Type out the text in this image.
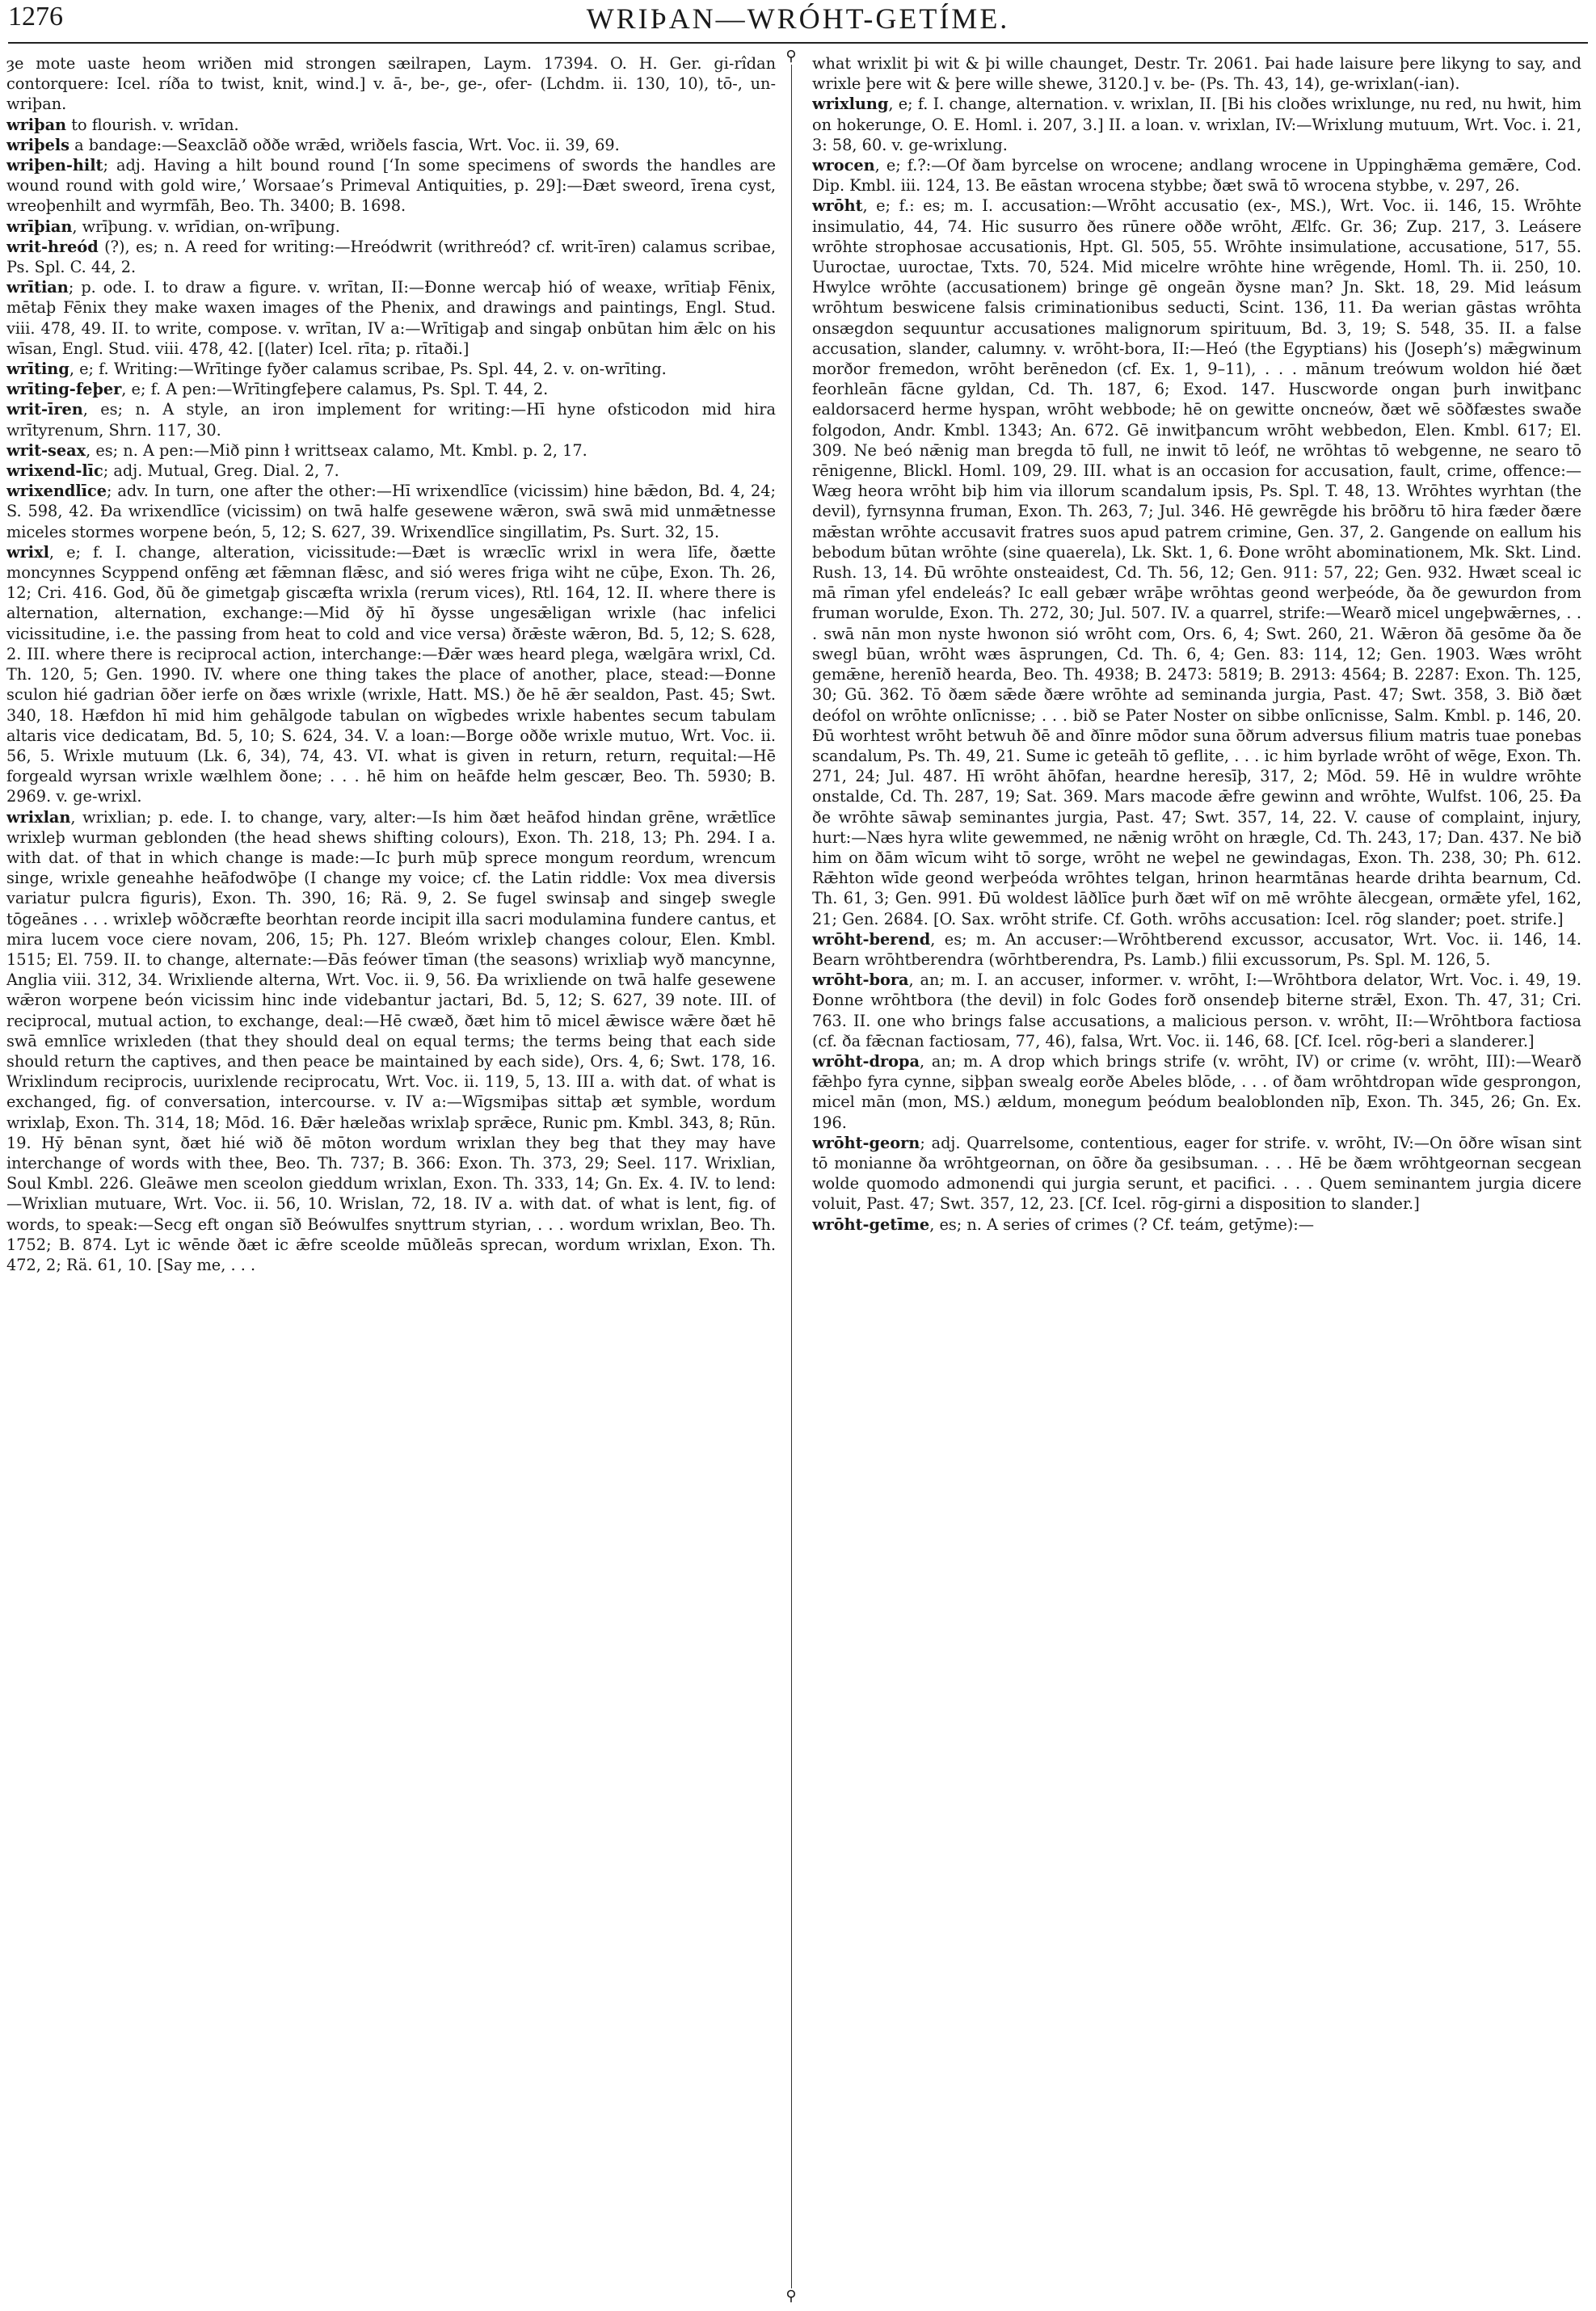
1276	WRIÞAN—WRÓHT-GETÍME.
⚲
⚲

ȝe mote uaste heom wriðen mid strongen sæilrapen, Laym. 17394. O. H. Ger. gi-rîdan contorquere: Icel. ríða to twist, knit, wind.] v. ā-, be-, ge-, ofer- (Lchdm. ii. 130, 10), tō-, un-wriþan.

wriþan to flourish. v. wrīdan.

wriþels a bandage:—Seaxclāð oððe wrǣd, wriðels fascia, Wrt. Voc. ii. 39, 69.

wriþen-hilt; adj. Having a hilt bound round [‘In some specimens of swords the handles are wound round with gold wire,’ Worsaae’s Primeval Antiquities, p. 29]:—Ðæt sweord, īrena cyst, wreoþenhilt and wyrmfāh, Beo. Th. 3400; B. 1698.

wrīþian, wrīþung. v. wrīdian, on-wrīþung.

writ-hreód (?), es; n. A reed for writing:—Hreódwrit (writhreód? cf. writ-īren) calamus scribae, Ps. Spl. C. 44, 2.

wrītian; p. ode. I. to draw a figure. v. wrītan, II:—Ðonne wercaþ hió of weaxe, wrītiaþ Fēnix, mētaþ Fēnix they make waxen images of the Phenix, and drawings and paintings, Engl. Stud. viii. 478, 49. II. to write, compose. v. wrītan, IV a:—Wrītigaþ and singaþ onbūtan him ǣlc on his wīsan, Engl. Stud. viii. 478, 42. [(later) Icel. rīta; p. rītaði.]

wrīting, e; f. Writing:—Wrītinge fyðer calamus scribae, Ps. Spl. 44, 2. v. on-wrīting.

wrīting-feþer, e; f. A pen:—Wrītingfeþere calamus, Ps. Spl. T. 44, 2.

writ-īren, es; n. A style, an iron implement for writing:—Hī hyne ofsticodon mid hira wrītyrenum, Shrn. 117, 30.

writ-seax, es; n. A pen:—Mið pinn ł writtseax calamo, Mt. Kmbl. p. 2, 17.

wrixend-līc; adj. Mutual, Greg. Dial. 2, 7.

wrixendlīce; adv. In turn, one after the other:—Hī wrixendlīce (vicissim) hine bǣdon, Bd. 4, 24; S. 598, 42. Ða wrixendlīce (vicissim) on twā halfe gesewene wǣron, swā swā mid unmǣtnesse miceles stormes worpene beón, 5, 12; S. 627, 39. Wrixendlīce singillatim, Ps. Surt. 32, 15.

wrixl, e; f. I. change, alteration, vicissitude:—Ðæt is wræclīc wrixl in wera līfe, ðætte moncynnes Scyppend onfēng æt fǣmnan flǣsc, and sió weres friga wiht ne cūþe, Exon. Th. 26, 12; Cri. 416. God, ðū ðe gimetgaþ giscæfta wrixla (rerum vices), Rtl. 164, 12. II. where there is alternation, alternation, exchange:—Mid ðȳ hī ðysse ungesǣligan wrixle (hac infelici vicissitudine, i.e. the passing from heat to cold and vice versa) ðrǣste wǣron, Bd. 5, 12; S. 628, 2. III. where there is reciprocal action, interchange:—Ðǣr wæs heard plega, wælgāra wrixl, Cd. Th. 120, 5; Gen. 1990. IV. where one thing takes the place of another, place, stead:—Ðonne sculon hié gadrian ōðer ierfe on ðæs wrixle (wrixle, Hatt. MS.) ðe hē ǣr sealdon, Past. 45; Swt. 340, 18. Hæfdon hī mid him gehālgode tabulan on wīgbedes wrixle habentes secum tabulam altaris vice dedicatam, Bd. 5, 10; S. 624, 34. V. a loan:—Borge oððe wrixle mutuo, Wrt. Voc. ii. 56, 5. Wrixle mutuum (Lk. 6, 34), 74, 43. VI. what is given in return, return, requital:—Hē forgeald wyrsan wrixle wælhlem ðone; . . . hē him on heāfde helm gescær, Beo. Th. 5930; B. 2969. v. ge-wrixl.

wrixlan, wrixlian; p. ede. I. to change, vary, alter:—Is him ðæt heāfod hindan grēne, wrǣtlīce wrixleþ wurman geblonden (the head shews shifting colours), Exon. Th. 218, 13; Ph. 294. I a. with dat. of that in which change is made:—Ic þurh mūþ sprece mongum reordum, wrencum singe, wrixle geneahhe heāfodwōþe (I change my voice; cf. the Latin riddle: Vox mea diversis variatur pulcra figuris), Exon. Th. 390, 16; Rä. 9, 2. Se fugel swinsaþ and singeþ swegle tōgeānes . . . wrixleþ wōðcræfte beorhtan reorde incipit illa sacri modulamina fundere cantus, et mira lucem voce ciere novam, 206, 15; Ph. 127. Bleóm wrixleþ changes colour, Elen. Kmbl. 1515; El. 759. II. to change, alternate:—Ðās feówer tīman (the seasons) wrixliaþ wyð mancynne, Anglia viii. 312, 34. Wrixliende alterna, Wrt. Voc. ii. 9, 56. Ða wrixliende on twā halfe gesewene wǣron worpene beón vicissim hinc inde videbantur jactari, Bd. 5, 12; S. 627, 39 note. III. of reciprocal, mutual action, to exchange, deal:—Hē cwæð, ðæt him tō micel ǣwisce wǣre ðæt hē swā emnlīce wrixleden (that they should deal on equal terms; the terms being that each side should return the captives, and then peace be maintained by each side), Ors. 4, 6; Swt. 178, 16. Wrixlindum reciprocis, uurixlende reciprocatu, Wrt. Voc. ii. 119, 5, 13. III a. with dat. of what is exchanged, fig. of conversation, intercourse. v. IV a:—Wīgsmiþas sittaþ æt symble, wordum wrixlaþ, Exon. Th. 314, 18; Mōd. 16. Ðǣr hæleðas wrixlaþ sprǣce, Runic pm. Kmbl. 343, 8; Rūn. 19. Hȳ bēnan synt, ðæt hié wið ðē mōton wordum wrixlan they beg that they may have interchange of words with thee, Beo. Th. 737; B. 366: Exon. Th. 373, 29; Seel. 117. Wrixlian, Soul Kmbl. 226. Gleāwe men sceolon gieddum wrixlan, Exon. Th. 333, 14; Gn. Ex. 4. IV. to lend:—Wrixlian mutuare, Wrt. Voc. ii. 56, 10. Wrislan, 72, 18. IV a. with dat. of what is lent, fig. of words, to speak:—Secg eft ongan sīð Beówulfes snyttrum styrian, . . . wordum wrixlan, Beo. Th. 1752; B. 874. Lyt ic wēnde ðæt ic ǣfre sceolde mūðleās sprecan, wordum wrixlan, Exon. Th. 472, 2; Rä. 61, 10. [Say me, . . .

what wrixlit þi wit & þi wille chaunget, Destr. Tr. 2061. Þai hade laisure þere likyng to say, and wrixle þere wit & þere wille shewe, 3120.] v. be- (Ps. Th. 43, 14), ge-wrixlan(-ian).

wrixlung, e; f. I. change, alternation. v. wrixlan, II. [Bi his cloðes wrixlunge, nu red, nu hwit, him on hokerunge, O. E. Homl. i. 207, 3.] II. a loan. v. wrixlan, IV:—Wrixlung mutuum, Wrt. Voc. i. 21, 3: 58, 60. v. ge-wrixlung.

wrocen, e; f.?:—Of ðam byrcelse on wrocene; andlang wrocene in Uppinghǣma gemǣre, Cod. Dip. Kmbl. iii. 124, 13. Be eāstan wrocena stybbe; ðæt swā tō wrocena stybbe, v. 297, 26.

wrōht, e; f.: es; m. I. accusation:—Wrōht accusatio (ex-, MS.), Wrt. Voc. ii. 146, 15. Wrōhte insimulatio, 44, 74. Hic susurro ðes rūnere oððe wrōht, Ælfc. Gr. 36; Zup. 217, 3. Leásere wrōhte strophosae accusationis, Hpt. Gl. 505, 55. Wrōhte insimulatione, accusatione, 517, 55. Uuroctae, uuroctae, Txts. 70, 524. Mid micelre wrōhte hine wrēgende, Homl. Th. ii. 250, 10. Hwylce wrōhte (accusationem) bringe gē ongeān ðysne man? Jn. Skt. 18, 29. Mid leásum wrōhtum beswicene falsis criminationibus seducti, Scint. 136, 11. Ða werian gāstas wrōhta onsægdon sequuntur accusationes malignorum spirituum, Bd. 3, 19; S. 548, 35. II. a false accusation, slander, calumny. v. wrōht-bora, II:—Heó (the Egyptians) his (Joseph’s) mǣgwinum morðor fremedon, wrōht berēnedon (cf. Ex. 1, 9–11), . . . mānum treówum woldon hié ðæt feorhleān fācne gyldan, Cd. Th. 187, 6; Exod. 147. Huscworde ongan þurh inwitþanc ealdorsacerd herme hyspan, wrōht webbode; hē on gewitte oncneów, ðæt wē sōðfæstes swaðe folgodon, Andr. Kmbl. 1343; An. 672. Gē inwitþancum wrōht webbedon, Elen. Kmbl. 617; El. 309. Ne beó nǣnig man bregda tō full, ne inwit tō leóf, ne wrōhtas tō webgenne, ne searo tō rēnigenne, Blickl. Homl. 109, 29. III. what is an occasion for accusation, fault, crime, offence:—Wæg heora wrōht biþ him via illorum scandalum ipsis, Ps. Spl. T. 48, 13. Wrōhtes wyrhtan (the devil), fyrnsynna fruman, Exon. Th. 263, 7; Jul. 346. Hē gewrēgde his brōðru tō hira fæder ðære mǣstan wrōhte accusavit fratres suos apud patrem crimine, Gen. 37, 2. Gangende on eallum his bebodum būtan wrōhte (sine quaerela), Lk. Skt. 1, 6. Ðone wrōht abominationem, Mk. Skt. Lind. Rush. 13, 14. Ðū wrōhte onsteaidest, Cd. Th. 56, 12; Gen. 911: 57, 22; Gen. 932. Hwæt sceal ic mā rīman yfel endeleás? Ic eall gebær wrāþe wrōhtas geond werþeóde, ða ðe gewurdon from fruman woruldе, Exon. Th. 272, 30; Jul. 507. IV. a quarrel, strife:—Wearð micel ungeþwǣrnes, . . . swā nān mon nyste hwonon sió wrōht com, Ors. 6, 4; Swt. 260, 21. Wǣron ðā gesōme ða ðe swegl būan, wrōht wæs āsprungen, Cd. Th. 6, 4; Gen. 83: 114, 12; Gen. 1903. Wæs wrōht gemǣne, herenīð hearda, Beo. Th. 4938; B. 2473: 5819; B. 2913: 4564; B. 2287: Exon. Th. 125, 30; Gū. 362. Tō ðæm sǣde ðære wrōhte ad seminanda jurgia, Past. 47; Swt. 358, 3. Bið ðæt deófol on wrōhte onlīcnisse; . . . bið se Pater Noster on sibbe onlīcnisse, Salm. Kmbl. p. 146, 20. Ðū worhtest wrōht betwuh ðē and ðīnre mōdor suna ōðrum adversus filium matris tuae ponebas scandalum, Ps. Th. 49, 21. Sume ic geteāh tō geflite, . . . ic him byrlade wrōht of wēge, Exon. Th. 271, 24; Jul. 487. Hī wrōht āhōfan, heardne heresīþ, 317, 2; Mōd. 59. Hē in wuldre wrōhte onstalde, Cd. Th. 287, 19; Sat. 369. Mars macode ǣfre gewinn and wrōhte, Wulfst. 106, 25. Ða ðe wrōhte sāwaþ seminantes jurgia, Past. 47; Swt. 357, 14, 22. V. cause of complaint, injury, hurt:—Næs hyra wlite gewemmed, ne nǣnig wrōht on hrægle, Cd. Th. 243, 17; Dan. 437. Ne bið him on ðām wīcum wiht tō sorge, wrōht ne weþel ne gewindagas, Exon. Th. 238, 30; Ph. 612. Rǣhton wīde geond werþeóda wrōhtes telgan, hrinon hearmtānas hearde drihta bearnum, Cd. Th. 61, 3; Gen. 991. Ðū woldest lāðlīce þurh ðæt wīf on mē wrōhte ālecgean, ormǣte yfel, 162, 21; Gen. 2684. [O. Sax. wrōht strife. Cf. Goth. wrōhs accusation: Icel. rōg slander; poet. strife.]

wrōht-berend, es; m. An accuser:—Wrōhtberend excussor, accusator, Wrt. Voc. ii. 146, 14. Bearn wrōhtberendra (wōrhtberendra, Ps. Lamb.) filii excussorum, Ps. Spl. M. 126, 5.

wrōht-bora, an; m. I. an accuser, informer. v. wrōht, I:—Wrōhtbora delator, Wrt. Voc. i. 49, 19. Ðonne wrōhtbora (the devil) in folc Godes forð onsendeþ biterne strǣl, Exon. Th. 47, 31; Cri. 763. II. one who brings false accusations, a malicious person. v. wrōht, II:—Wrōhtbora factiosa (cf. ða fǣcnan factiosam, 77, 46), falsa, Wrt. Voc. ii. 146, 68. [Cf. Icel. rōg-beri a slanderer.]

wrōht-dropa, an; m. A drop which brings strife (v. wrōht, IV) or crime (v. wrōht, III):—Wearð fǣhþo fyra cynne, siþþan swealg eorðe Abeles blōde, . . . of ðam wrōhtdropan wīde gesprongon, micel mān (mon, MS.) ældum, monegum þeódum bealoblonden nīþ, Exon. Th. 345, 26; Gn. Ex. 196.

wrōht-georn; adj. Quarrelsome, contentious, eager for strife. v. wrōht, IV:—On ōðre wīsan sint tō monianne ða wrōhtgeornan, on ōðre ða gesibsuman. . . . Hē be ðæm wrōhtgeornan secgean wolde quomodo admonendi qui jurgia serunt, et pacifici. . . . Quem seminantem jurgia dicere voluit, Past. 47; Swt. 357, 12, 23. [Cf. Icel. rōg-girni a disposition to slander.]

wrōht-getīme, es; n. A series of crimes (? Cf. teám, getȳme):—
